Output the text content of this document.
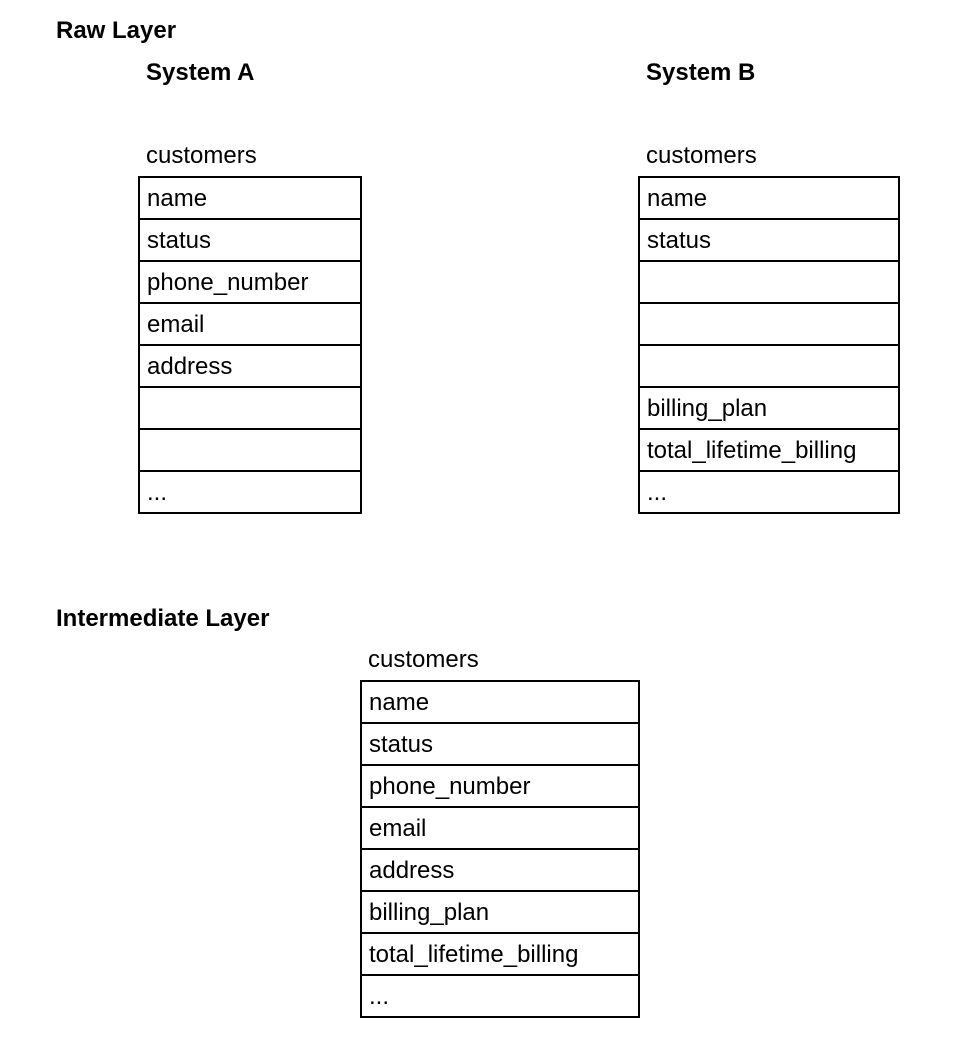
Raw Layer
System A	System B
customers
name
status
phone_number
email
address
...
customers
name
status
billing_plan
total_lifetime_billing
...
Intermediate Layer
customers
name
status
phone_number
email
address
billing_plan
total_lifetime_billing
...
